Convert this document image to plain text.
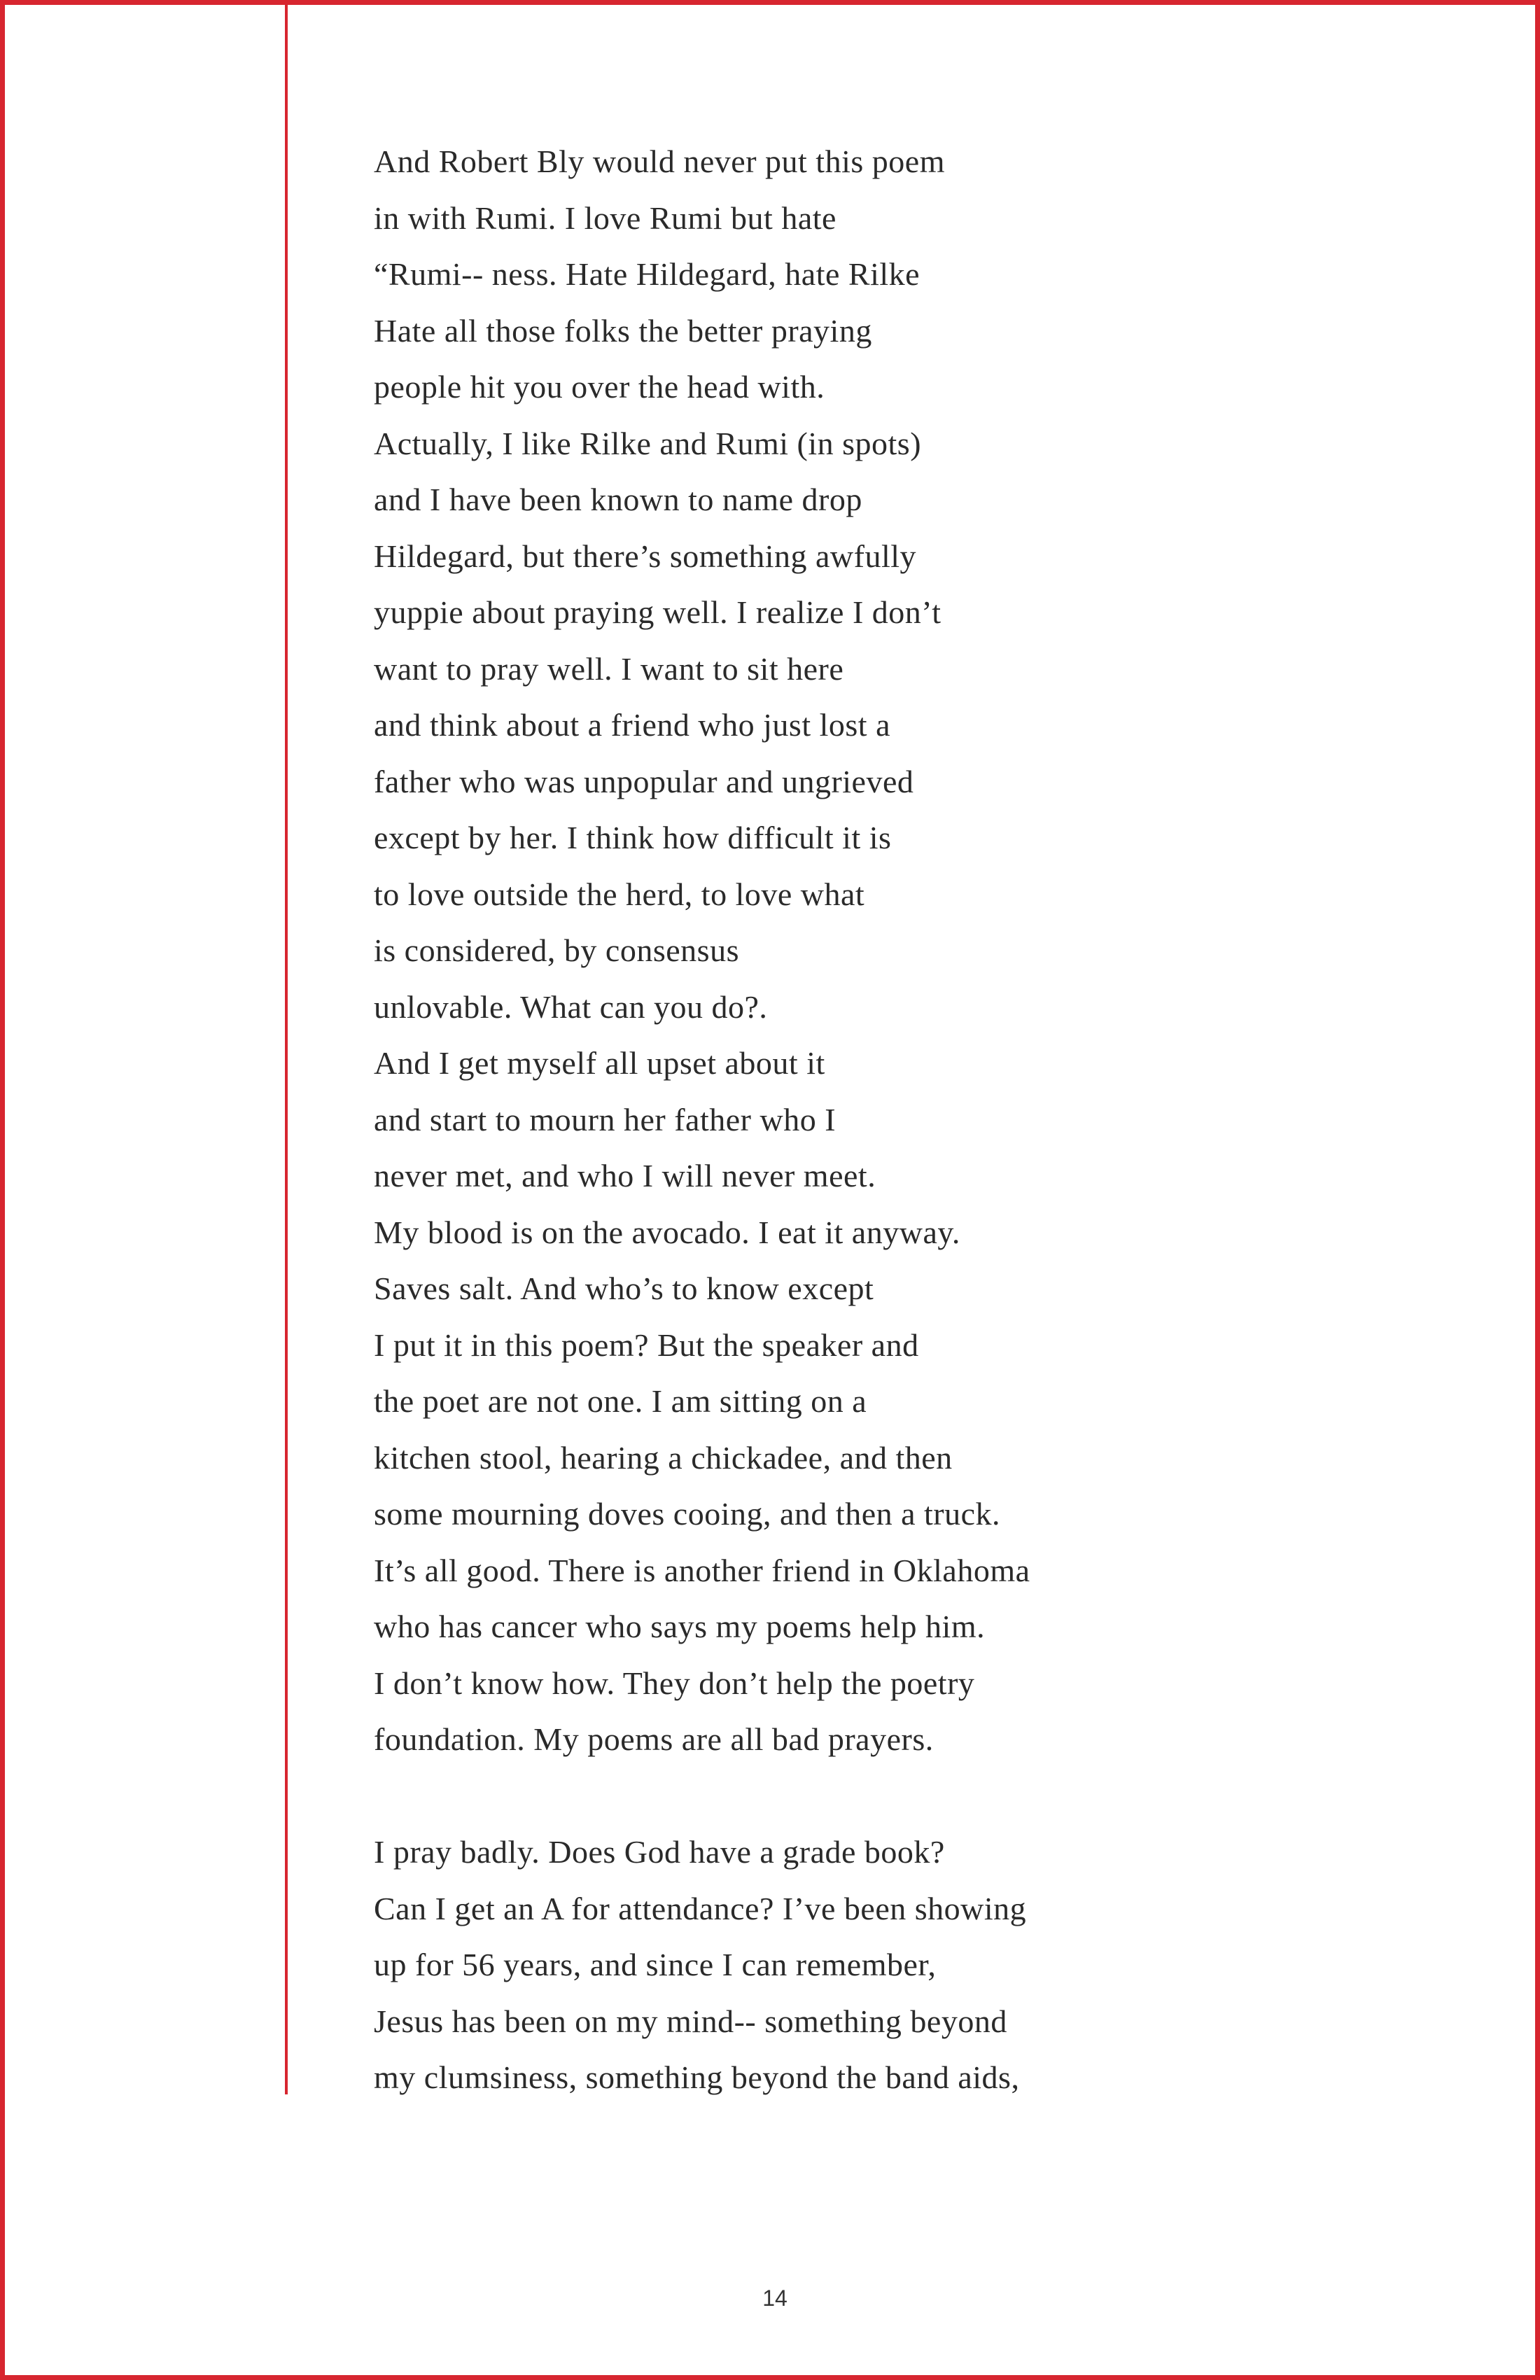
And Robert Bly would never put this poem
in with Rumi. I love Rumi but hate
“Rumi-- ness. Hate Hildegard, hate Rilke
Hate all those folks the better praying
people hit you over the head with.
Actually, I like Rilke and Rumi (in spots)
and I have been known to name drop
Hildegard, but there’s something awfully
yuppie about praying well. I realize I don’t
want to pray well. I want to sit here
and think about a friend who just lost a
father who was unpopular and ungrieved
except by her. I think how difficult it is
to love outside the herd, to love what
is considered, by consensus
unlovable. What can you do?.
And I get myself all upset about it
and start to mourn her father who I
never met, and who I will never meet.
My blood is on the avocado. I eat it anyway.
Saves salt. And who’s to know except
I put it in this poem? But the speaker and
the poet are not one. I am sitting on a
kitchen stool, hearing a chickadee, and then
some mourning doves cooing, and then a truck.
It’s all good. There is another friend in Oklahoma
who has cancer who says my poems help him.
I don’t know how. They don’t help the poetry
foundation. My poems are all bad prayers.
I pray badly. Does God have a grade book?
Can I get an A for attendance? I’ve been showing
up for 56 years, and since I can remember,
Jesus has been on my mind-- something beyond
my clumsiness, something beyond the band aids,
14
